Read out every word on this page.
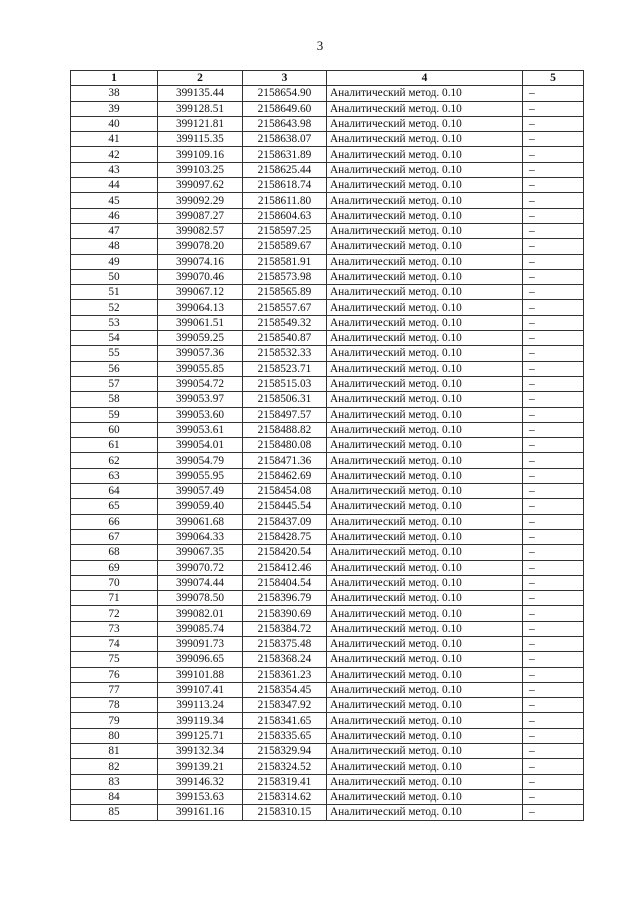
3
1	2	3	4	5
38	399135.44	2158654.90	Аналитический метод. 0.10	–
39	399128.51	2158649.60	Аналитический метод. 0.10	–
40	399121.81	2158643.98	Аналитический метод. 0.10	–
41	399115.35	2158638.07	Аналитический метод. 0.10	–
42	399109.16	2158631.89	Аналитический метод. 0.10	–
43	399103.25	2158625.44	Аналитический метод. 0.10	–
44	399097.62	2158618.74	Аналитический метод. 0.10	–
45	399092.29	2158611.80	Аналитический метод. 0.10	–
46	399087.27	2158604.63	Аналитический метод. 0.10	–
47	399082.57	2158597.25	Аналитический метод. 0.10	–
48	399078.20	2158589.67	Аналитический метод. 0.10	–
49	399074.16	2158581.91	Аналитический метод. 0.10	–
50	399070.46	2158573.98	Аналитический метод. 0.10	–
51	399067.12	2158565.89	Аналитический метод. 0.10	–
52	399064.13	2158557.67	Аналитический метод. 0.10	–
53	399061.51	2158549.32	Аналитический метод. 0.10	–
54	399059.25	2158540.87	Аналитический метод. 0.10	–
55	399057.36	2158532.33	Аналитический метод. 0.10	–
56	399055.85	2158523.71	Аналитический метод. 0.10	–
57	399054.72	2158515.03	Аналитический метод. 0.10	–
58	399053.97	2158506.31	Аналитический метод. 0.10	–
59	399053.60	2158497.57	Аналитический метод. 0.10	–
60	399053.61	2158488.82	Аналитический метод. 0.10	–
61	399054.01	2158480.08	Аналитический метод. 0.10	–
62	399054.79	2158471.36	Аналитический метод. 0.10	–
63	399055.95	2158462.69	Аналитический метод. 0.10	–
64	399057.49	2158454.08	Аналитический метод. 0.10	–
65	399059.40	2158445.54	Аналитический метод. 0.10	–
66	399061.68	2158437.09	Аналитический метод. 0.10	–
67	399064.33	2158428.75	Аналитический метод. 0.10	–
68	399067.35	2158420.54	Аналитический метод. 0.10	–
69	399070.72	2158412.46	Аналитический метод. 0.10	–
70	399074.44	2158404.54	Аналитический метод. 0.10	–
71	399078.50	2158396.79	Аналитический метод. 0.10	–
72	399082.01	2158390.69	Аналитический метод. 0.10	–
73	399085.74	2158384.72	Аналитический метод. 0.10	–
74	399091.73	2158375.48	Аналитический метод. 0.10	–
75	399096.65	2158368.24	Аналитический метод. 0.10	–
76	399101.88	2158361.23	Аналитический метод. 0.10	–
77	399107.41	2158354.45	Аналитический метод. 0.10	–
78	399113.24	2158347.92	Аналитический метод. 0.10	–
79	399119.34	2158341.65	Аналитический метод. 0.10	–
80	399125.71	2158335.65	Аналитический метод. 0.10	–
81	399132.34	2158329.94	Аналитический метод. 0.10	–
82	399139.21	2158324.52	Аналитический метод. 0.10	–
83	399146.32	2158319.41	Аналитический метод. 0.10	–
84	399153.63	2158314.62	Аналитический метод. 0.10	–
85	399161.16	2158310.15	Аналитический метод. 0.10	–
